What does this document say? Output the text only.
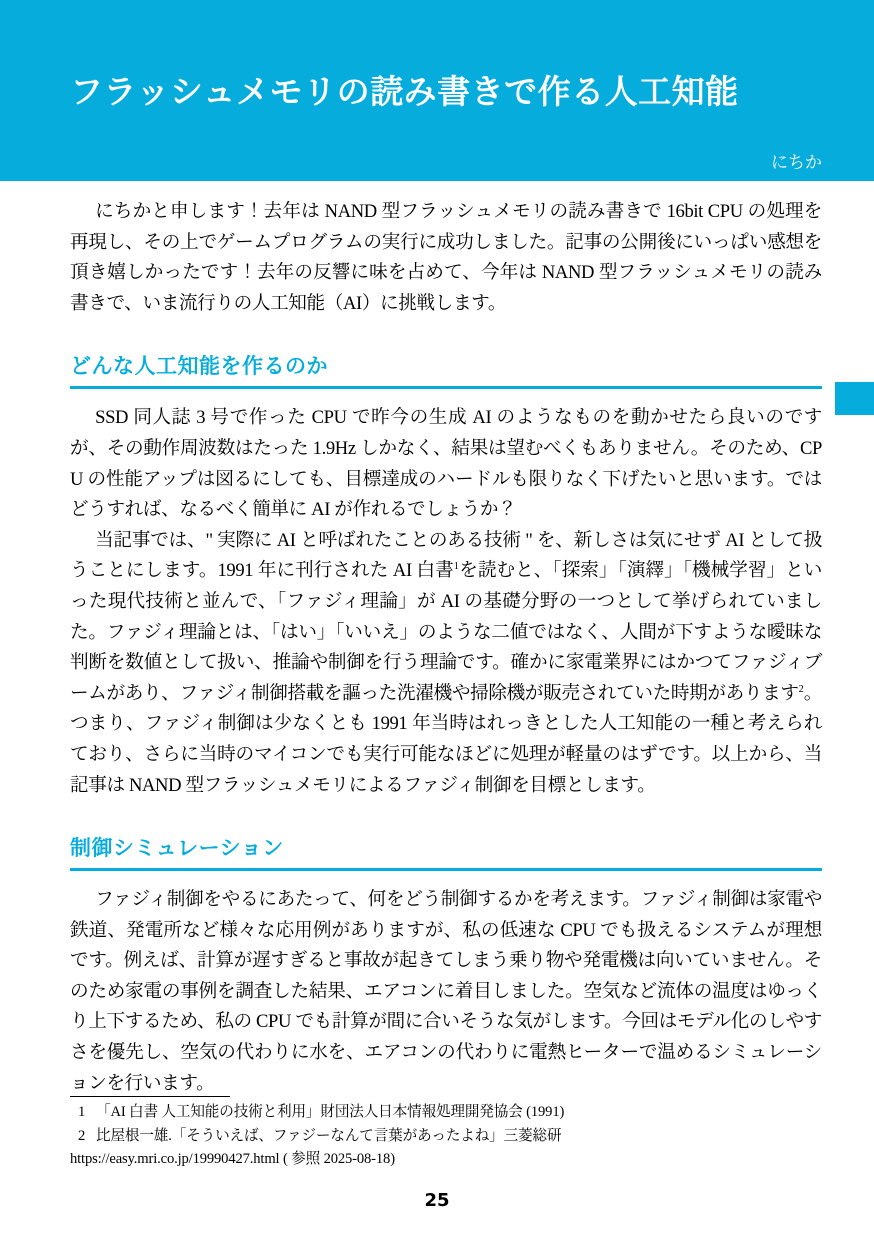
フラッシュメモリの読み書きで作る人工知能
にちか

にちかと申します！去年は NAND 型フラッシュメモリの読み書きで 16bit CPU の処理を再現し、その上でゲームプログラムの実行に成功しました。記事の公開後にいっぱい感想を頂き嬉しかったです！去年の反響に味を占めて、今年は NAND 型フラッシュメモリの読み書きで、いま流行りの人工知能（AI）に挑戦します。

どんな人工知能を作るのか

SSD 同人誌 3 号で作った CPU で昨今の生成 AI のようなものを動かせたら良いのですが、その動作周波数はたった 1.9Hz しかなく、結果は望むべくもありません。そのため、CPU の性能アップは図るにしても、目標達成のハードルも限りなく下げたいと思います。ではどうすれば、なるべく簡単に AI が作れるでしょうか？

当記事では、" 実際に AI と呼ばれたことのある技術 " を、新しさは気にせず AI として扱うことにします。1991 年に刊行された AI 白書$^1$を読むと、「探索」「演繹」「機械学習」といった現代技術と並んで、「ファジィ理論」が AI の基礎分野の一つとして挙げられていました。ファジィ理論とは、「はい」「いいえ」のような二値ではなく、人間が下すような曖昧な判断を数値として扱い、推論や制御を行う理論です。確かに家電業界にはかつてファジィブームがあり、ファジィ制御搭載を謳った洗濯機や掃除機が販売されていた時期があります$^2$。つまり、ファジィ制御は少なくとも 1991 年当時はれっきとした人工知能の一種と考えられており、さらに当時のマイコンでも実行可能なほどに処理が軽量のはずです。以上から、当記事は NAND 型フラッシュメモリによるファジィ制御を目標とします。

制御シミュレーション

ファジィ制御をやるにあたって、何をどう制御するかを考えます。ファジィ制御は家電や鉄道、発電所など様々な応用例がありますが、私の低速な CPU でも扱えるシステムが理想です。例えば、計算が遅すぎると事故が起きてしまう乗り物や発電機は向いていません。そのため家電の事例を調査した結果、エアコンに着目しました。空気など流体の温度はゆっくり上下するため、私の CPU でも計算が間に合いそうな気がします。今回はモデル化のしやすさを優先し、空気の代わりに水を、エアコンの代わりに電熱ヒーターで温めるシミュレーションを行います。

1 「AI 白書 人工知能の技術と利用」財団法人日本情報処理開発協会 (1991)

2 比屋根一雄.「そういえば、ファジーなんて言葉があったよね」三菱総研

https://easy.mri.co.jp/19990427.html ( 参照 2025-08-18)

25
